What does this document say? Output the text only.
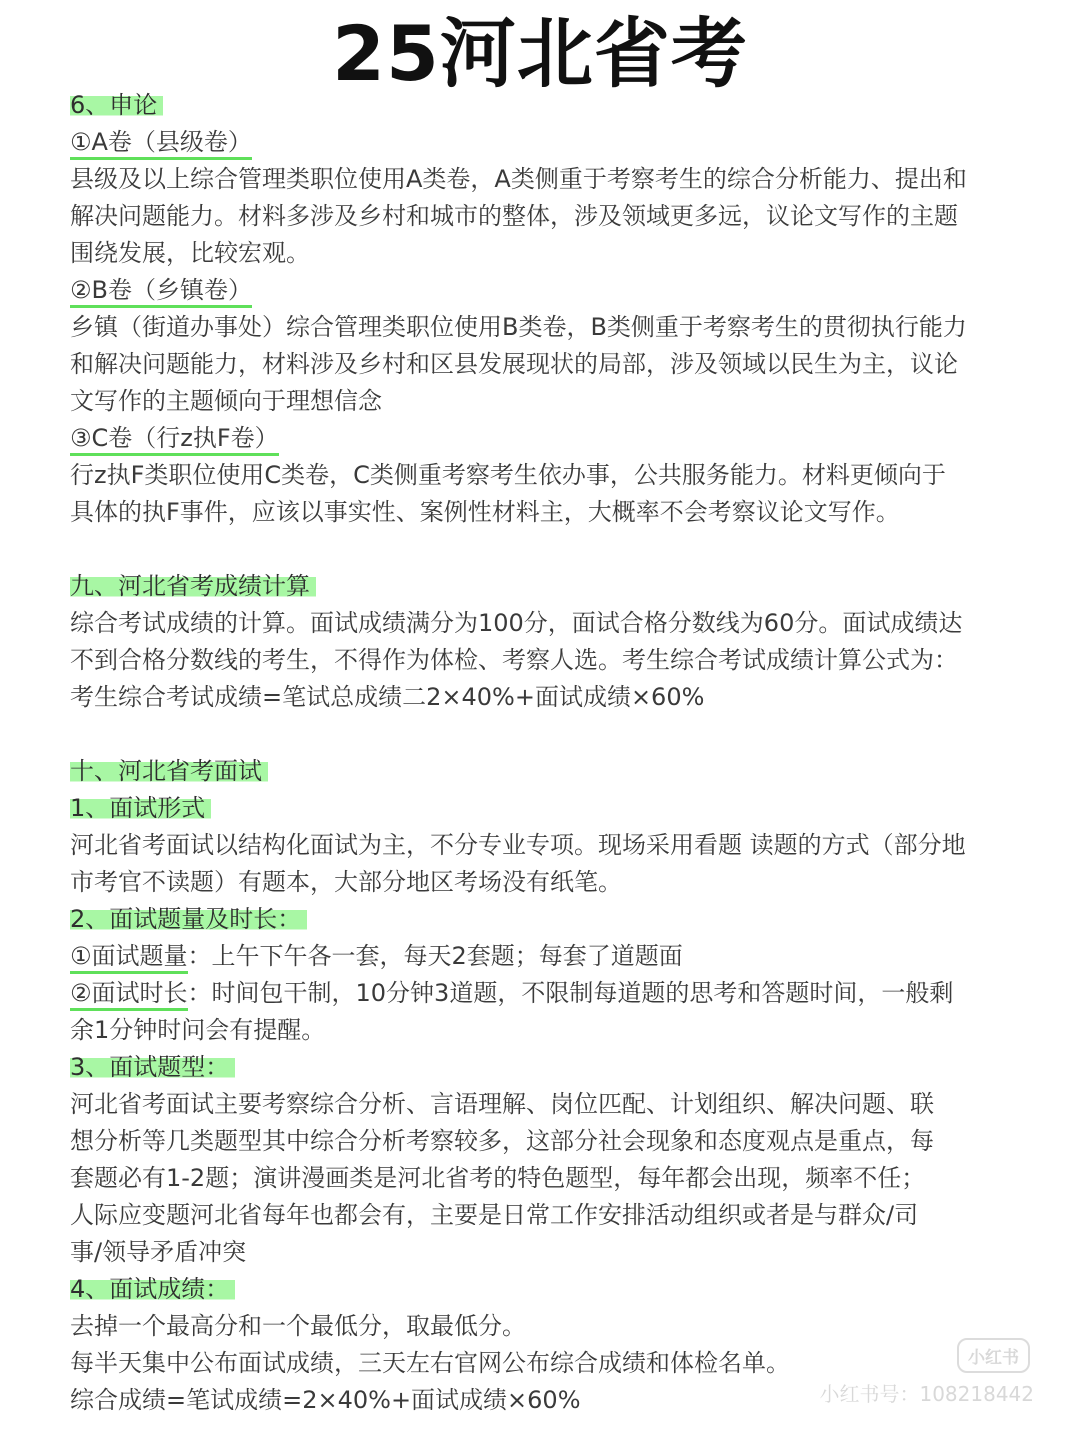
25河北省考
6、申论
①A卷（县级卷）
县级及以上综合管理类职位使用A类卷，A类侧重于考察考生的综合分析能力、提出和
解决问题能力。材料多涉及乡村和城市的整体，涉及领域更多远，议论文写作的主题
围绕发展，比较宏观。
②B卷（乡镇卷）
乡镇（街道办事处）综合管理类职位使用B类卷，B类侧重于考察考生的贯彻执行能力
和解决问题能力，材料涉及乡村和区县发展现状的局部，涉及领域以民生为主，议论
文写作的主题倾向于理想信念
③C卷（行z执F卷）
行z执F类职位使用C类卷，C类侧重考察考生依办事，公共服务能力。材料更倾向于
具体的执F事件，应该以事实性、案例性材料主，大概率不会考察议论文写作。
九、河北省考成绩计算
综合考试成绩的计算。面试成绩满分为100分，面试合格分数线为60分。面试成绩达
不到合格分数线的考生，不得作为体检、考察人选。考生综合考试成绩计算公式为：
考生综合考试成绩=笔试总成绩二2×40%+面试成绩×60%
十、河北省考面试
1、面试形式
河北省考面试以结构化面试为主，不分专业专项。现场采用看题 读题的方式（部分地
市考官不读题）有题本，大部分地区考场没有纸笔。
2、面试题量及时长：
①面试题量：上午下午各一套，每天2套题；每套了道题面
②面试时长：时间包干制，10分钟3道题，不限制每道题的思考和答题时间，一般剩
余1分钟时问会有提醒。
3、面试题型：
河北省考面试主要考察综合分析、言语理解、岗位匹配、计划组织、解决问题、联
想分析等几类题型其中综合分析考察较多，这部分社会现象和态度观点是重点，每
套题必有1-2题；演讲漫画类是河北省考的特色题型，每年都会出现，频率不任；
人际应变题河北省每年也都会有，主要是日常工作安排活动组织或者是与群众/司
事/领导矛盾冲突
4、面试成绩：
去掉一个最高分和一个最低分，取最低分。
每半天集中公布面试成绩，三天左右官网公布综合成绩和体检名单。
综合成绩=笔试成绩=2×40%+面试成绩×60%
小红书
小红书号：108218442
